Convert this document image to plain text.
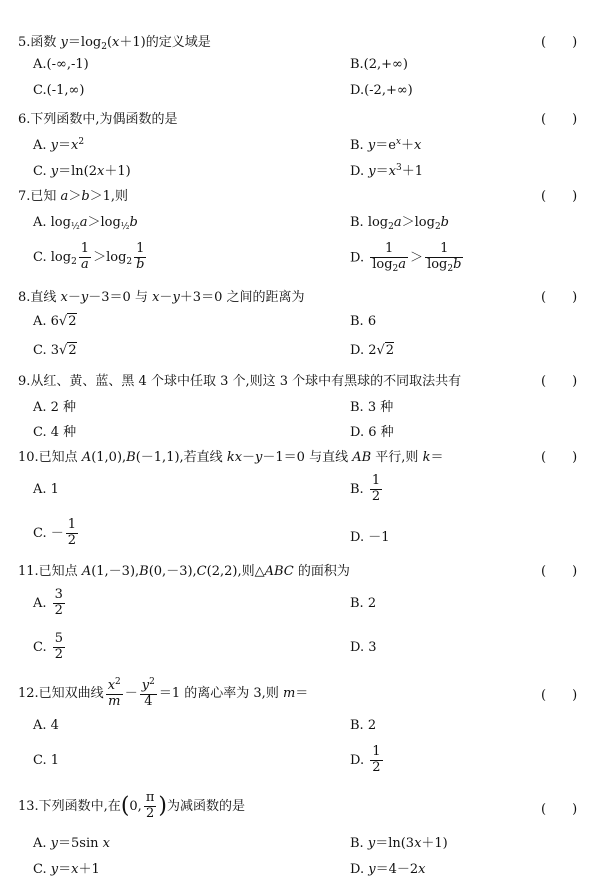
5.函数 $y=\log_2(x+1)$的定义域是	(　　)
A.(-∞,-1)	B.(2,+∞)
C.(-1,∞)	D.(-2,+∞)
6.下列函数中,为偶函数的是	(　　)
A. $y=x^2$	B. $y=e^x+x$
C. y＝ln(2x＋1)	D. $y=x^3+1$
7.已知 a＞b＞1,则	(　　)
A. $\log_{\frac{1}{2}}a>\log_{\frac{1}{2}}b$	B. $\log_2a>\log_2b$
C. $\log_2 \frac{1}{a} >\log_2 \frac{1}{b}$	D. $\frac{1}{\log_2a} > \frac{1}{\log_2b}$
8.直线 x－y－3＝0 与 x－y＋3＝0 之间的距离为	(　　)
A. 6√2	B. 6
C. 3√2	D. 2√2
9.从红、黄、蓝、黑 4 个球中任取 3 个,则这 3 个球中有黑球的不同取法共有	(　　)
A. 2 种	B. 3 种
C. 4 种	D. 6 种
10.已知点 A(1,0),B(－1,1),若直线 kx－y－1＝0 与直线 AB 平行,则 k＝	(　　)
A. 1	B. $\frac{1}{2}$
C. － $\frac{1}{2}$	D. －1
11.已知点 A(1,－3),B(0,－3),C(2,2),则△ABC 的面积为	(　　)
A. $\frac{3}{2}$	B. 2
C. $\frac{5}{2}$	D. 3
12.已知双曲线 $\frac{x^2}{m} - \frac{y^2}{4} =1$ 的离心率为 3,则 m＝	(　　)
A. 4	B. 2
C. 1	D. $\frac{1}{2}$
13.下列函数中,在(0, $\frac{\pi}{2}$ )为减函数的是	(　　)
A. y＝5sin x	B. y＝ln(3x＋1)
C. y＝x＋1	D. y＝4－2x
